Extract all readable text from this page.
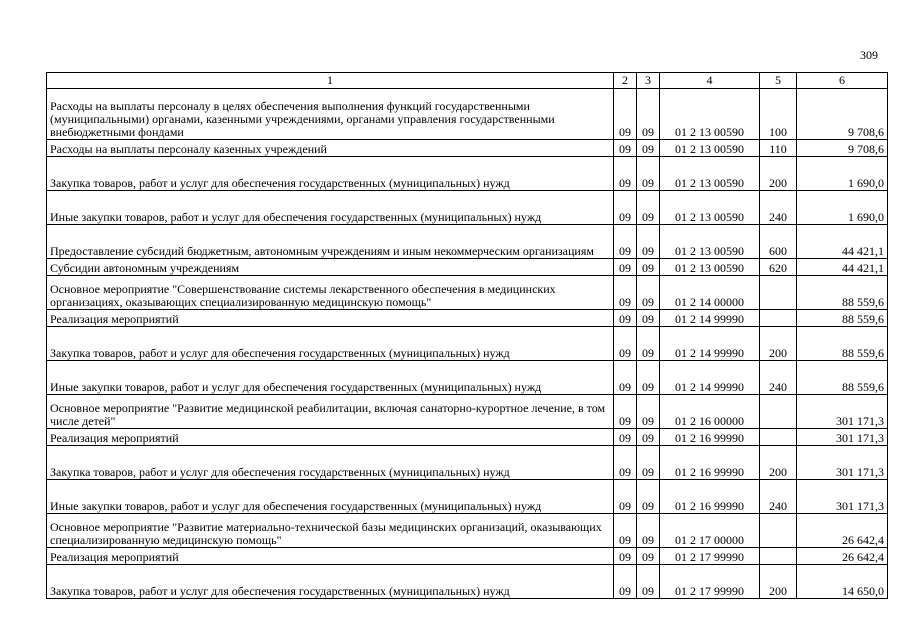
309
1	2	3	4	5	6
Расходы на выплаты персоналу в целях обеспечения выполнения функций государственными (муниципальными) органами, казенными учреждениями, органами управления государственными внебюджетными фондами	09	09	01 2 13 00590	100	9 708,6
Расходы на выплаты персоналу казенных учреждений	09	09	01 2 13 00590	110	9 708,6
Закупка товаров, работ и услуг для обеспечения государственных (муниципальных) нужд	09	09	01 2 13 00590	200	1 690,0
Иные закупки товаров, работ и услуг для обеспечения государственных (муниципальных) нужд	09	09	01 2 13 00590	240	1 690,0
Предоставление субсидий бюджетным, автономным учреждениям и иным некоммерческим организациям	09	09	01 2 13 00590	600	44 421,1
Субсидии автономным учреждениям	09	09	01 2 13 00590	620	44 421,1
Основное мероприятие "Совершенствование системы лекарственного обеспечения в медицинских организациях, оказывающих специализированную медицинскую помощь"	09	09	01 2 14 00000		88 559,6
Реализация мероприятий	09	09	01 2 14 99990		88 559,6
Закупка товаров, работ и услуг для обеспечения государственных (муниципальных) нужд	09	09	01 2 14 99990	200	88 559,6
Иные закупки товаров, работ и услуг для обеспечения государственных (муниципальных) нужд	09	09	01 2 14 99990	240	88 559,6
Основное мероприятие "Развитие медицинской реабилитации, включая санаторно-курортное лечение, в том числе детей"	09	09	01 2 16 00000		301 171,3
Реализация мероприятий	09	09	01 2 16 99990		301 171,3
Закупка товаров, работ и услуг для обеспечения государственных (муниципальных) нужд	09	09	01 2 16 99990	200	301 171,3
Иные закупки товаров, работ и услуг для обеспечения государственных (муниципальных) нужд	09	09	01 2 16 99990	240	301 171,3
Основное мероприятие "Развитие материально-технической базы медицинских организаций, оказывающих специализированную медицинскую помощь"	09	09	01 2 17 00000		26 642,4
Реализация мероприятий	09	09	01 2 17 99990		26 642,4
Закупка товаров, работ и услуг для обеспечения государственных (муниципальных) нужд	09	09	01 2 17 99990	200	14 650,0
